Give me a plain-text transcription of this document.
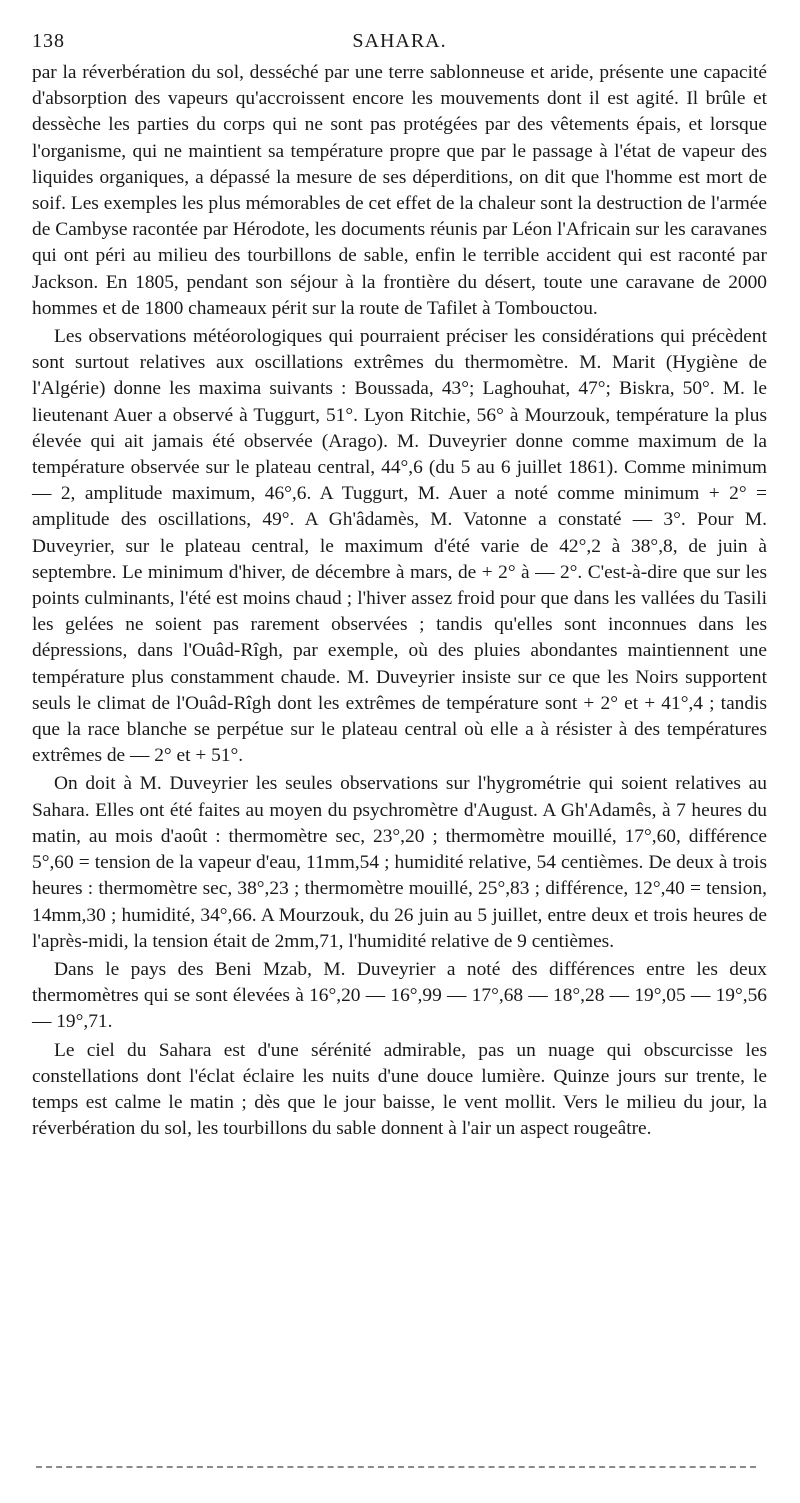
138	SAHARA.

par la réverbération du sol, desséché par une terre sablonneuse et aride, présente une capacité d'absorption des vapeurs qu'accroissent encore les mouvements dont il est agité. Il brûle et dessèche les parties du corps qui ne sont pas protégées par des vêtements épais, et lorsque l'organisme, qui ne maintient sa température propre que par le passage à l'état de vapeur des liquides organiques, a dépassé la mesure de ses déperditions, on dit que l'homme est mort de soif. Les exemples les plus mémorables de cet effet de la chaleur sont la destruction de l'armée de Cambyse racontée par Hérodote, les documents réunis par Léon l'Africain sur les caravanes qui ont péri au milieu des tourbillons de sable, enfin le terrible accident qui est raconté par Jackson. En 1805, pendant son séjour à la frontière du désert, toute une caravane de 2000 hommes et de 1800 chameaux périt sur la route de Tafilet à Tombouctou.

Les observations météorologiques qui pourraient préciser les considérations qui précèdent sont surtout relatives aux oscillations extrêmes du thermomètre. M. Marit (Hygiène de l'Algérie) donne les maxima suivants : Boussada, 43°; Laghouhat, 47°; Biskra, 50°. M. le lieutenant Auer a observé à Tuggurt, 51°. Lyon Ritchie, 56° à Mourzouk, température la plus élevée qui ait jamais été observée (Arago). M. Duveyrier donne comme maximum de la température observée sur le plateau central, 44°,6 (du 5 au 6 juillet 1861). Comme minimum — 2, amplitude maximum, 46°,6. A Tuggurt, M. Auer a noté comme minimum + 2° = amplitude des oscillations, 49°. A Gh'âdamès, M. Vatonne a constaté — 3°. Pour M. Duveyrier, sur le plateau central, le maximum d'été varie de 42°,2 à 38°,8, de juin à septembre. Le minimum d'hiver, de décembre à mars, de + 2° à — 2°. C'est-à-dire que sur les points culminants, l'été est moins chaud ; l'hiver assez froid pour que dans les vallées du Tasili les gelées ne soient pas rarement observées ; tandis qu'elles sont inconnues dans les dépressions, dans l'Ouâd-Rîgh, par exemple, où des pluies abondantes maintiennent une température plus constamment chaude. M. Duveyrier insiste sur ce que les Noirs supportent seuls le climat de l'Ouâd-Rîgh dont les extrêmes de température sont + 2° et + 41°,4 ; tandis que la race blanche se perpétue sur le plateau central où elle a à résister à des températures extrêmes de — 2° et + 51°.

On doit à M. Duveyrier les seules observations sur l'hygrométrie qui soient relatives au Sahara. Elles ont été faites au moyen du psychromètre d'August. A Gh'Adamês, à 7 heures du matin, au mois d'août : thermomètre sec, 23°,20 ; thermomètre mouillé, 17°,60, différence 5°,60 = tension de la vapeur d'eau, 11mm,54 ; humidité relative, 54 centièmes. De deux à trois heures : thermomètre sec, 38°,23 ; thermomètre mouillé, 25°,83 ; différence, 12°,40 = tension, 14mm,30 ; humidité, 34°,66. A Mourzouk, du 26 juin au 5 juillet, entre deux et trois heures de l'après-midi, la tension était de 2mm,71, l'humidité relative de 9 centièmes.

Dans le pays des Beni Mzab, M. Duveyrier a noté des différences entre les deux thermomètres qui se sont élevées à 16°,20 — 16°,99 — 17°,68 — 18°,28 — 19°,05 — 19°,56 — 19°,71.

Le ciel du Sahara est d'une sérénité admirable, pas un nuage qui obscurcisse les constellations dont l'éclat éclaire les nuits d'une douce lumière. Quinze jours sur trente, le temps est calme le matin ; dès que le jour baisse, le vent mollit. Vers le milieu du jour, la réverbération du sol, les tourbillons du sable donnent à l'air un aspect rougeâtre.
